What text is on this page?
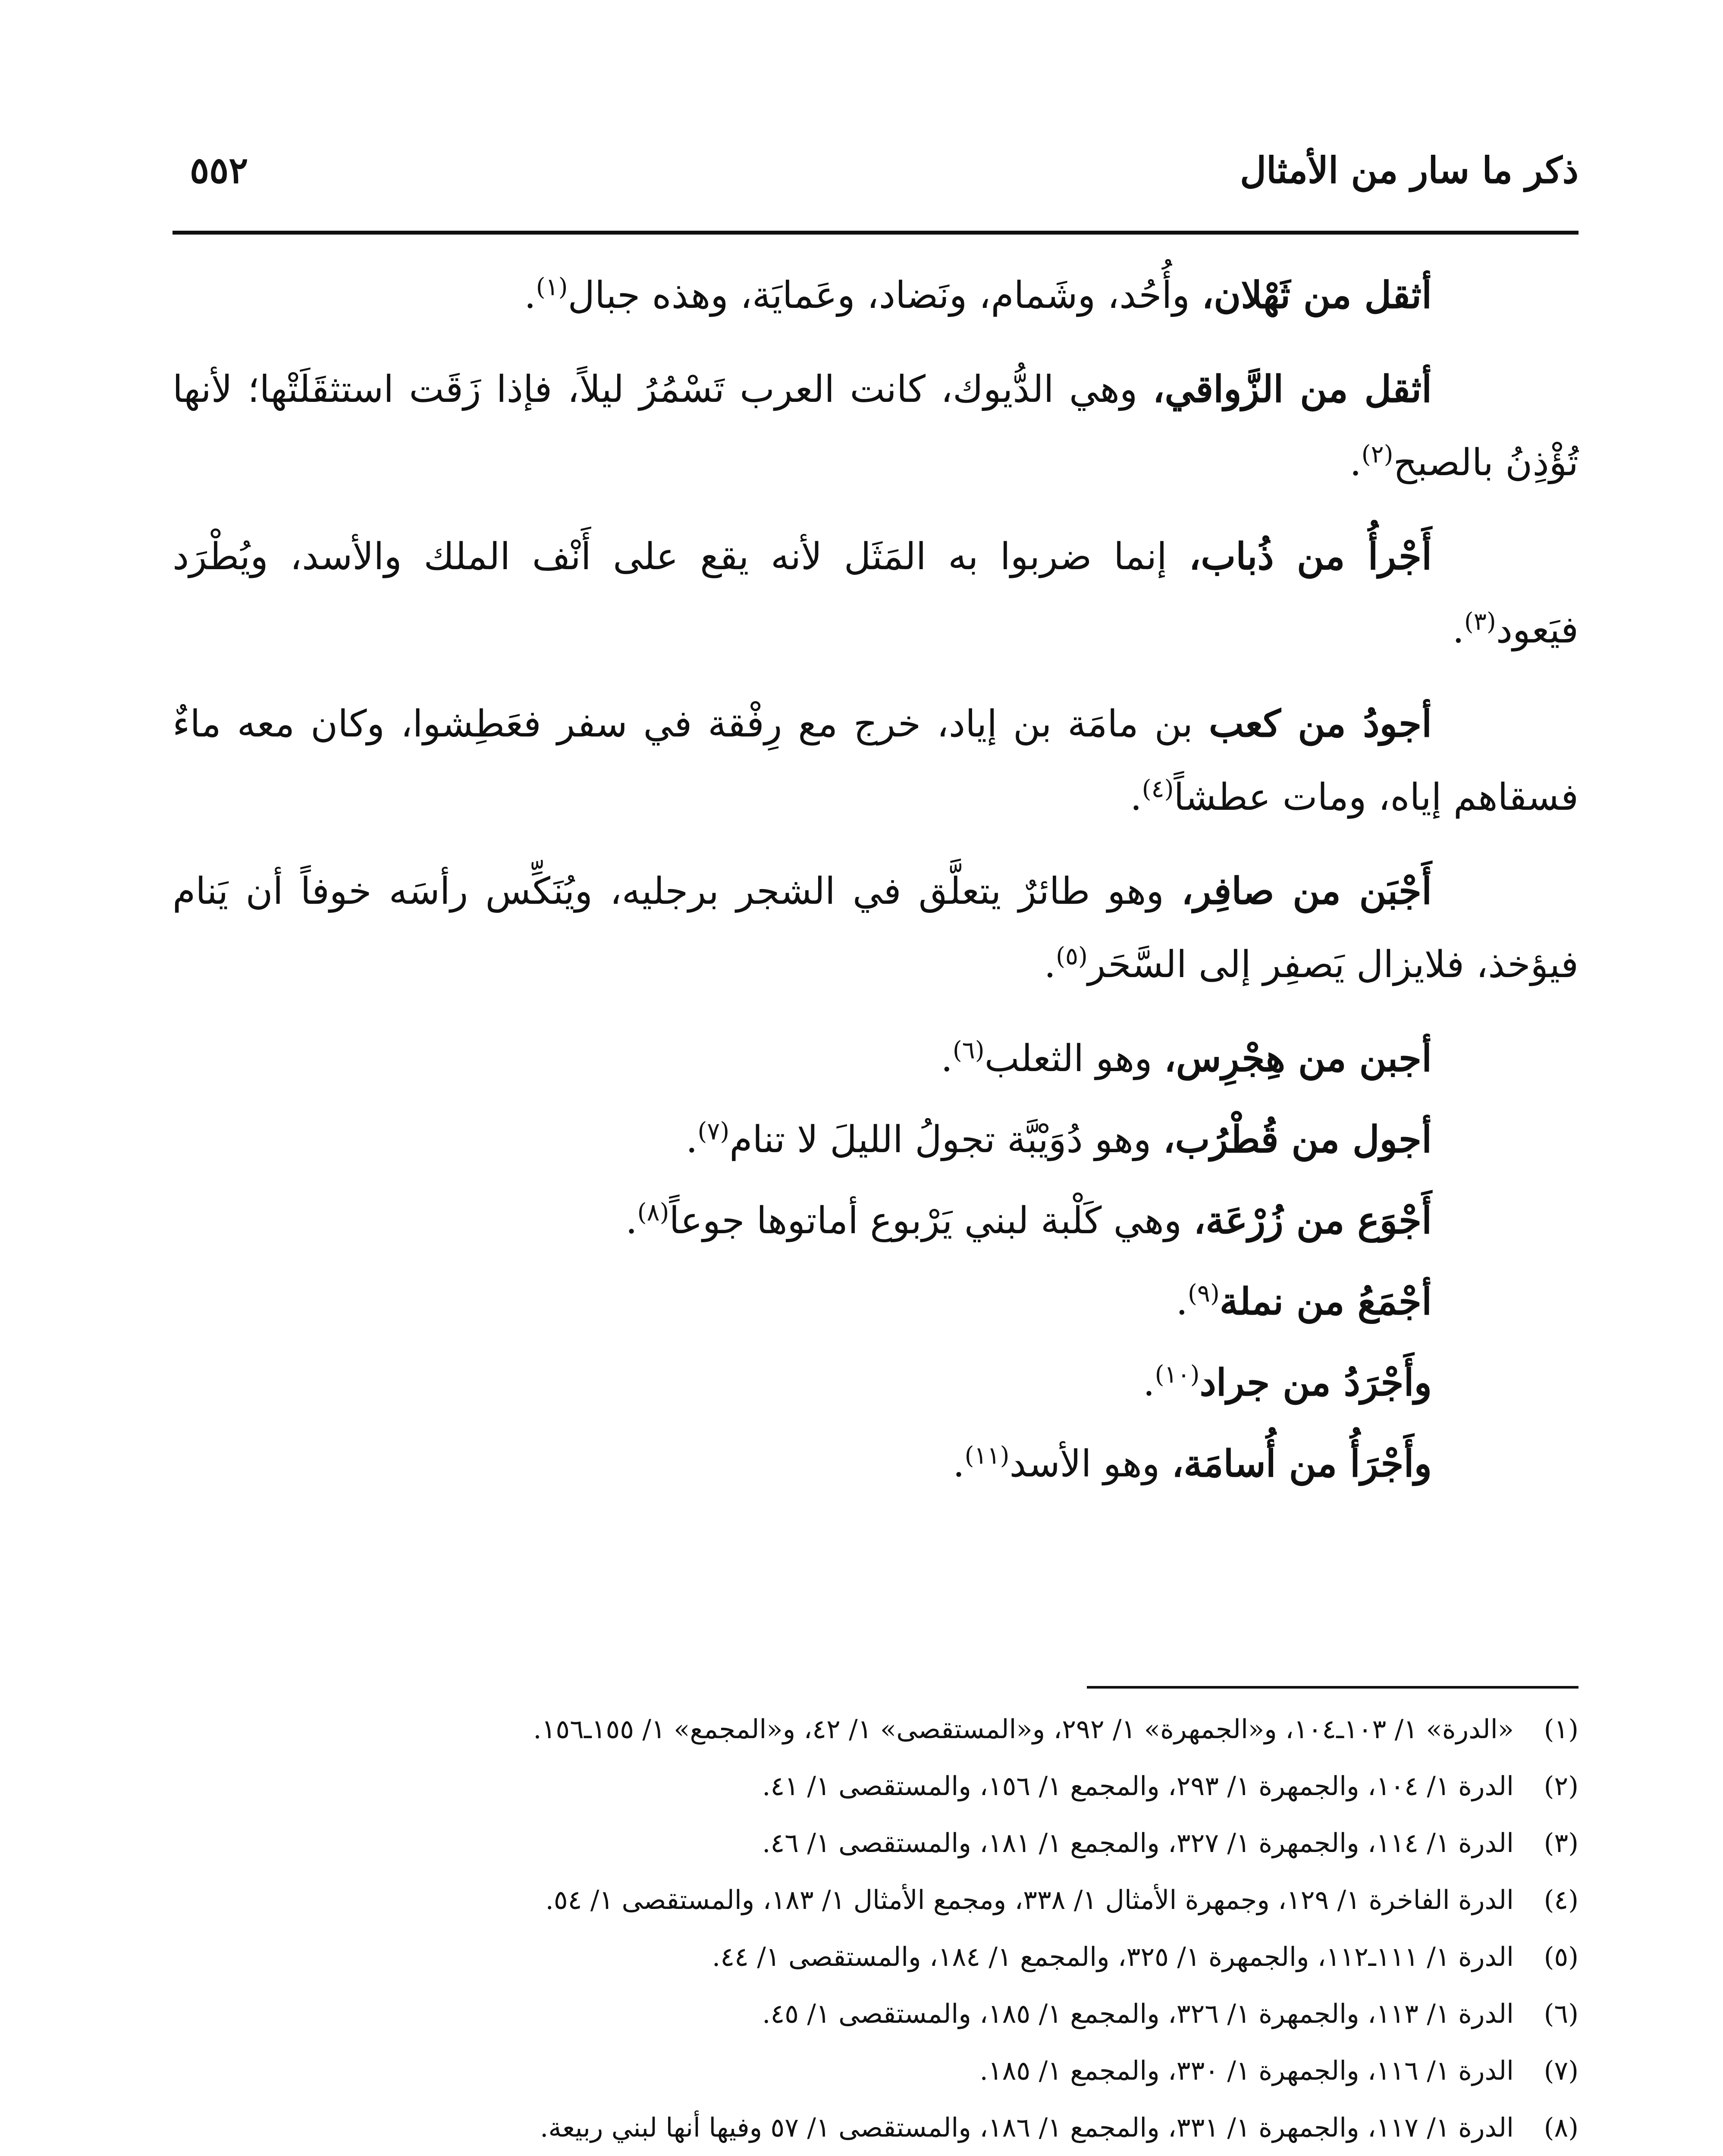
ذكر ما سار من الأمثال
٥٥٢

أثقل من ثَهْلان، وأُحُد، وشَمام، ونَضاد، وعَمايَة، وهذه جبال$^{(١)}$.

أثقل من الزَّواقي، وهي الدُّيوك، كانت العرب تَسْمُرُ ليلاً، فإذا زَقَت استثقَلَتْها؛ لأنها تُؤْذِنُ بالصبح$^{(٢)}$.

أَجْرأُ من ذُباب، إنما ضربوا به المَثَل لأنه يقع على أَنْف الملك والأسد، ويُطْرَد فيَعود$^{(٣)}$.

أجودُ من كعب بن مامَة بن إياد، خرج مع رِفْقة في سفر فعَطِشوا، وكان معه ماءٌ فسقاهم إياه، ومات عطشاً$^{(٤)}$.

أَجْبَن من صافِر، وهو طائرٌ يتعلَّق في الشجر برجليه، ويُنَكِّس رأسَه خوفاً أن يَنام فيؤخذ، فلايزال يَصفِر إلى السَّحَر$^{(٥)}$.

أجبن من هِجْرِس، وهو الثعلب$^{(٦)}$.

أجول من قُطْرُب، وهو دُوَيْبَّة تجولُ الليلَ لا تنام$^{(٧)}$.

أَجْوَع من زُرْعَة، وهي كَلْبة لبني يَرْبوع أماتوها جوعاً$^{(٨)}$.

أجْمَعُ من نملة$^{(٩)}$.

وأَجْرَدُ من جراد$^{(١٠)}$.

وأَجْرَأُ من أُسامَة، وهو الأسد$^{(١١)}$.

(١)«الدرة» ١/ ١٠٣ـ١٠٤، و«الجمهرة» ١/ ٢٩٢، و«المستقصى» ١/ ٤٢، و«المجمع» ١/ ١٥٥ـ١٥٦.

(٢)الدرة ١/ ١٠٤، والجمهرة ١/ ٢٩٣، والمجمع ١/ ١٥٦، والمستقصى ١/ ٤١.

(٣)الدرة ١/ ١١٤، والجمهرة ١/ ٣٢٧، والمجمع ١/ ١٨١، والمستقصى ١/ ٤٦.

(٤)الدرة الفاخرة ١/ ١٢٩، وجمهرة الأمثال ١/ ٣٣٨، ومجمع الأمثال ١/ ١٨٣، والمستقصى ١/ ٥٤.

(٥)الدرة ١/ ١١١ـ١١٢، والجمهرة ١/ ٣٢٥، والمجمع ١/ ١٨٤، والمستقصى ١/ ٤٤.

(٦)الدرة ١/ ١١٣، والجمهرة ١/ ٣٢٦، والمجمع ١/ ١٨٥، والمستقصى ١/ ٤٥.

(٧)الدرة ١/ ١١٦، والجمهرة ١/ ٣٣٠، والمجمع ١/ ١٨٥.

(٨)الدرة ١/ ١١٧، والجمهرة ١/ ٣٣١، والمجمع ١/ ١٨٦، والمستقصى ١/ ٥٧ وفيها أنها لبني ربيعة.
